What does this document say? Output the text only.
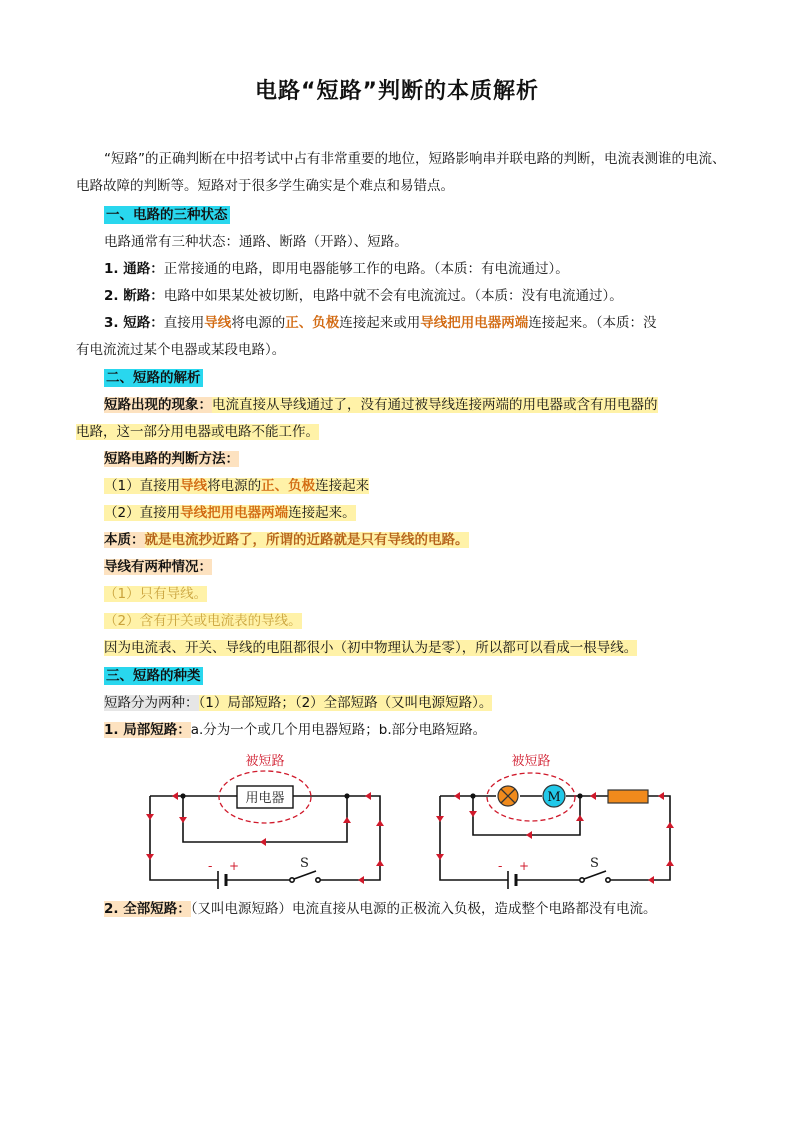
电路“短路”判断的本质解析
“短路”的正确判断在中招考试中占有非常重要的地位，短路影响串并联电路的判断，电流表测谁的电流、电路故障的判断等。短路对于很多学生确实是个难点和易错点。
一、电路的三种状态
电路通常有三种状态：通路、断路（开路）、短路。
1. 通路：正常接通的电路，即用电器能够工作的电路。（本质：有电流通过）。
2. 断路：电路中如果某处被切断，电路中就不会有电流流过。（本质：没有电流通过）。
3. 短路：直接用导线将电源的正、负极连接起来或用导线把用电器两端连接起来。（本质：没
有电流流过某个电器或某段电路）。
二、短路的解析
短路出现的现象：电流直接从导线通过了，没有通过被导线连接两端的用电器或含有用电器的
电路，这一部分用电器或电路不能工作。
短路电路的判断方法：
（1）直接用导线将电源的正、负极连接起来
（2）直接用导线把用电器两端连接起来。
本质：就是电流抄近路了，所谓的近路就是只有导线的电路。
导线有两种情况：
（1）只有导线。
（2）含有开关或电流表的导线。
因为电流表、开关、导线的电阻都很小（初中物理认为是零），所以都可以看成一根导线。
三、短路的种类
短路分为两种：（1）局部短路；（2）全部短路（又叫电源短路）。
1. 局部短路：a.分为一个或几个用电器短路；b.部分电路短路。
用电器
被短路
- +	S
M
被短路
- +	S
2. 全部短路：（又叫电源短路）电流直接从电源的正极流入负极，造成整个电路都没有电流。
